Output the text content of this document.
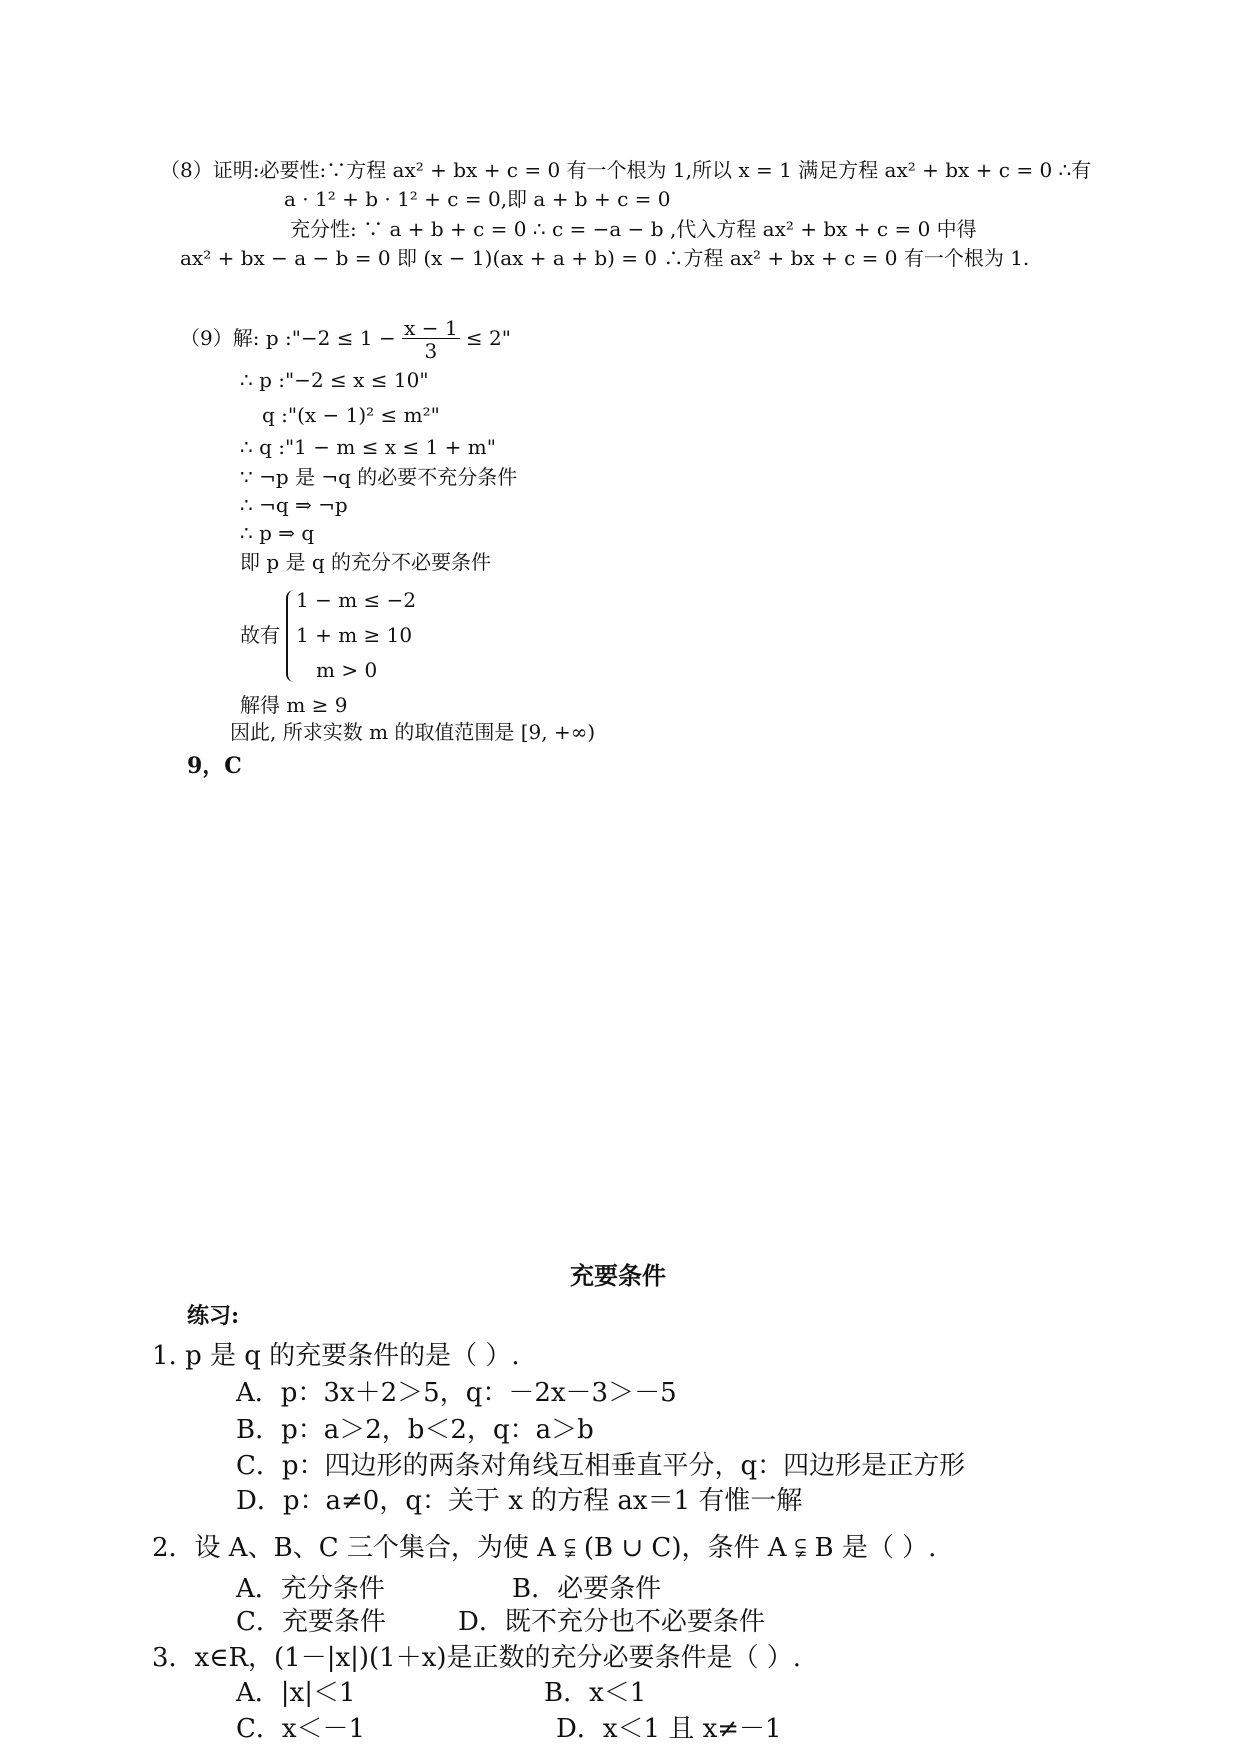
（8）证明:必要性:∵方程 ax² + bx + c = 0 有一个根为 1,所以 x = 1 满足方程 ax² + bx + c = 0 ∴有
a · 1² + b · 1² + c = 0,即 a + b + c = 0
充分性: ∵ a + b + c = 0 ∴ c = −a − b ,代入方程 ax² + bx + c = 0 中得
ax² + bx − a − b = 0 即 (x − 1)(ax + a + b) = 0 ∴方程 ax² + bx + c = 0 有一个根为 1.
（9）解: p :"−2 ≤ $1 - \frac{x - 1}{3} \le 2$"
∴ p :"−2 ≤ x ≤ 10"
q :"(x − 1)² ≤ m²"
∴ q :"1 − m ≤ x ≤ 1 + m"
∵ ¬p 是 ¬q 的必要不充分条件
∴ ¬q ⇒ ¬p
∴ p ⇒ q
即 p 是 q 的充分不必要条件
故有
1 − m ≤ −2
1 + m ≥ 10
m > 0
解得 m ≥ 9
因此, 所求实数 m 的取值范围是 [9, +∞)
9，C
充要条件
练习:
1. p 是 q 的充要条件的是（ ）.
A．p：3x＋2＞5，q：－2x－3＞－5
B．p：a＞2，b＜2，q：a＞b
C．p：四边形的两条对角线互相垂直平分，q：四边形是正方形
D．p：a≠0，q：关于 x 的方程 ax＝1 有惟一解
2．设 A、B、C 三个集合，为使 A ⫋ (B ∪ C)，条件 A ⫋ B 是（ ）.
A．充分条件	B．必要条件
C．充要条件	D．既不充分也不必要条件
3．x∈R，(1－|x|)(1＋x)是正数的充分必要条件是（ ）.
A．|x|＜1	B．x＜1
C．x＜－1	D．x＜1 且 x≠－1
